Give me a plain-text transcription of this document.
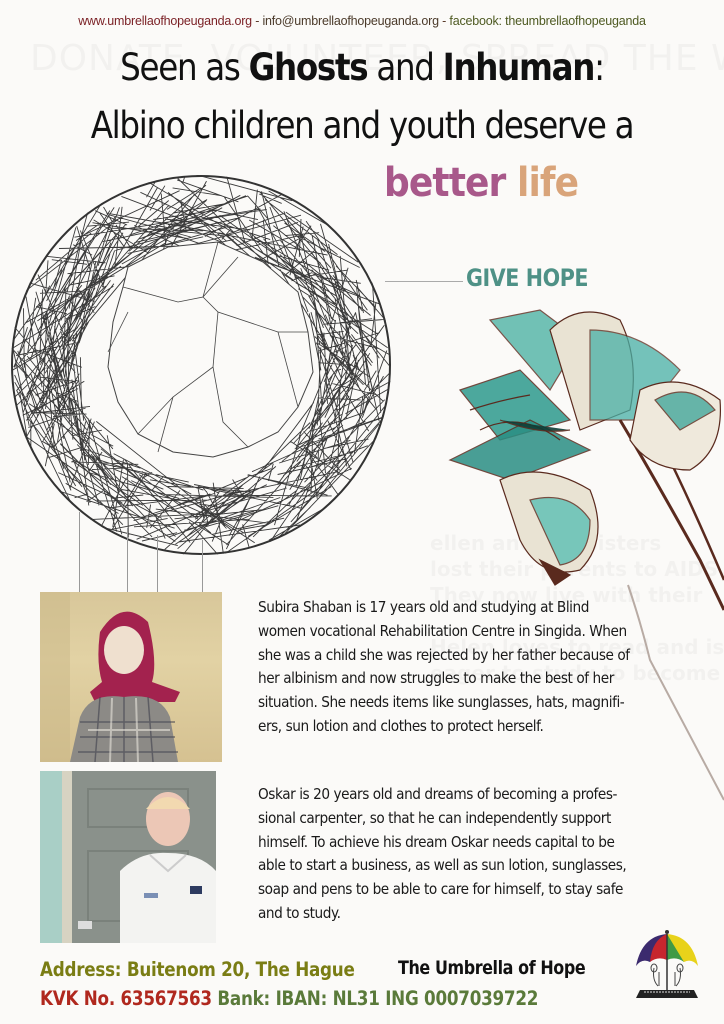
www.umbrellaofhopeuganda.org - info@umbrellaofhopeuganda.org - facebook: theumbrellaofhopeuganda
Seen as Ghosts and Inhuman:
Albino children and youth deserve a
better life
GIVE HOPE
Subira Shaban is 17 years old and studying at Blind
women vocational Rehabilitation Centre in Singida. When
she was a child she was rejected by her father because of
her albinism and now struggles to make the best of her
situation. She needs items like sunglasses, hats, magnifi-
ers, sun lotion and clothes to protect herself.
Oskar is 20 years old and dreams of becoming a profes-
sional carpenter, so that he can independently support
himself. To achieve his dream Oskar needs capital to be
able to start a business, as well as sun lotion, sunglasses,
soap and pens to be able to care for himself, to stay safe
and to study.
Address: Buitenom 20, The Hague The Umbrella of Hope
KVK No. 63567563 Bank: IBAN: NL31 ING 0007039722
